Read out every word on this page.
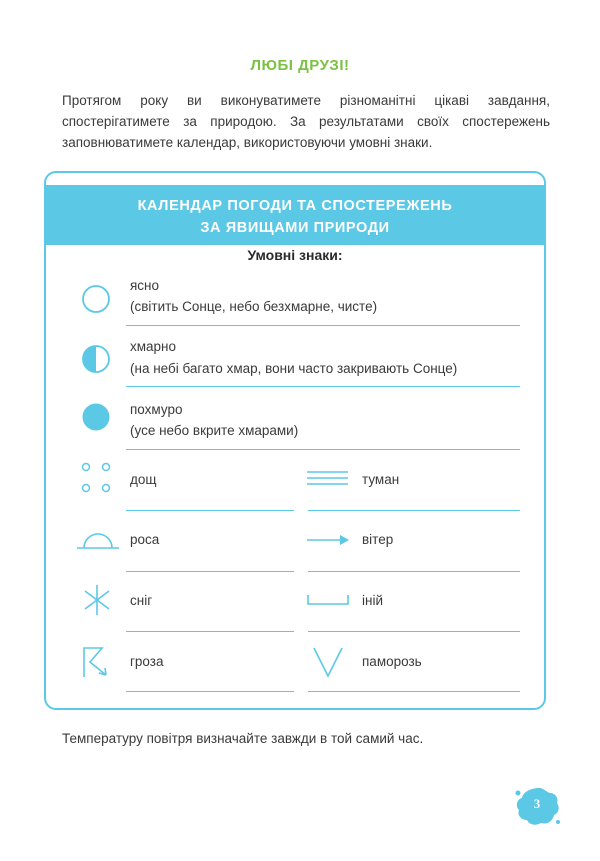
ЛЮБІ ДРУЗІ!

Протягом року ви виконуватимете різноманітні цікаві завдання, спостерігатимете за природою. За результатами своїх спостережень заповнюватимете календар, використовуючи умовні знаки.

КАЛЕНДАР ПОГОДИ ТА СПОСТЕРЕЖЕНЬ
ЗА ЯВИЩАМИ ПРИРОДИ
Умовні знаки:
ясно
(світить Сонце, небо безхмарне, чисте)
хмарно
(на небі багато хмар, вони часто закривають Сонце)
похмуро
(усе небо вкрите хмарами)
дощ	туман
роса	вітер
сніг	іній
гроза	паморозь
Температуру повітря визначайте завжди в той самий час.
3
